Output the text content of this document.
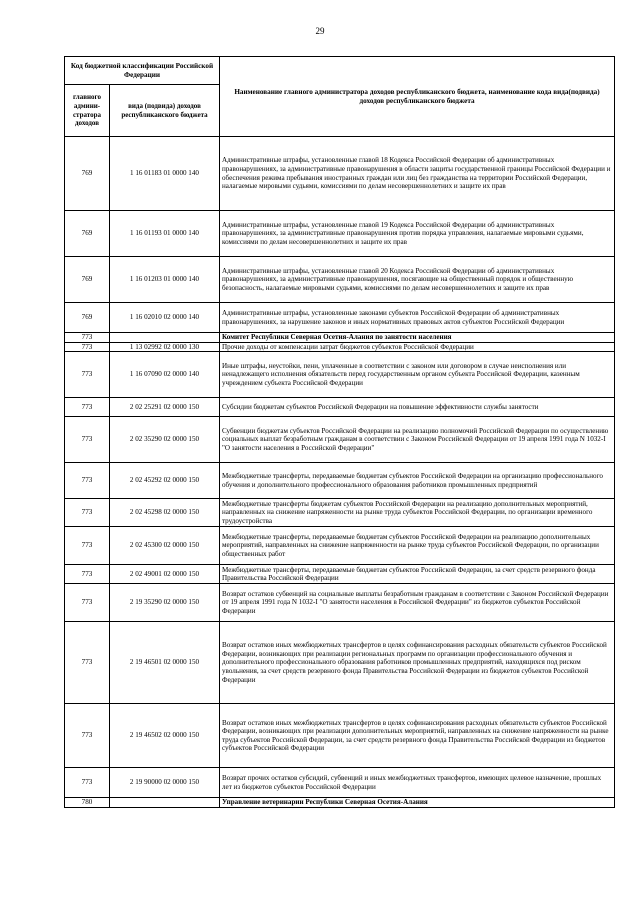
29
Код бюджетной классификации Российской Федерации		Наименование главного администратора доходов республиканского бюджета, наименование кода вида(подвида) доходов республиканского бюджета
главного админи-стратора доходов	вида (подвида) доходов республиканского бюджета	
769	1 16 01183 01 0000 140	Административные штрафы, установленные главой 18 Кодекса Российской Федерации об административных правонарушениях, за административные правонарушения в области защиты государственной границы Российской Федерации и обеспечения режима пребывания иностранных граждан или лиц без гражданства на территории Российской Федерации, налагаемые мировыми судьями, комиссиями по делам несовершеннолетних и защите их прав
769	1 16 01193 01 0000 140	Административные штрафы, установленные главой 19 Кодекса Российской Федерации об административных правонарушениях, за административные правонарушения против порядка управления, налагаемые мировыми судьями, комиссиями по делам несовершеннолетних и защите их прав
769	1 16 01203 01 0000 140	Административные штрафы, установленные главой 20 Кодекса Российской Федерации об административных правонарушениях, за административные правонарушения, посягающие на общественный порядок и общественную безопасность, налагаемые мировыми судьями, комиссиями по делам несовершеннолетних и защите их прав
769	1 16 02010 02 0000 140	Административные штрафы, установленные законами субъектов Российской Федерации об административных правонарушениях, за нарушение законов и иных нормативных правовых актов субъектов Российской Федерации
773		Комитет Республики Северная Осетия-Алания по занятости населения
773	1 13 02992 02 0000 130	Прочие доходы от компенсации затрат бюджетов субъектов Российской Федерации
773	1 16 07090 02 0000 140	Иные штрафы, неустойки, пени, уплаченные в соответствии с законом или договором в случае неисполнения или ненадлежащего исполнения обязательств перед государственным органом субъекта Российской Федерации, казенным учреждением субъекта Российской Федерации
773	2 02 25291 02 0000 150	Субсидии бюджетам субъектов Российской Федерации на повышение эффективности службы занятости
773	2 02 35290 02 0000 150	Субвенции бюджетам субъектов Российской Федерации на реализацию полномочий Российской Федерации по осуществлению социальных выплат безработным гражданам в соответствии с Законом Российской Федерации от 19 апреля 1991 года N 1032-I "О занятости населения в Российской Федерации"
773	2 02 45292 02 0000 150	Межбюджетные трансферты, передаваемые бюджетам субъектов Российской Федерации на организацию профессионального обучения и дополнительного профессионального образования работников промышленных предприятий
773	2 02 45298 02 0000 150	Межбюджетные трансферты бюджетам субъектов Российской Федерации на реализацию дополнительных мероприятий, направленных на снижение напряженности на рынке труда субъектов Российской Федерации, по организации временного трудоустройства
773	2 02 45300 02 0000 150	Межбюджетные трансферты, передаваемые бюджетам субъектов Российской Федерации на реализацию дополнительных мероприятий, направленных на снижение напряженности на рынке труда субъектов Российской Федерации, по организации общественных работ
773	2 02 49001 02 0000 150	Межбюджетные трансферты, передаваемые бюджетам субъектов Российской Федерации, за счет средств резервного фонда Правительства Российской Федерации
773	2 19 35290 02 0000 150	Возврат остатков субвенций на социальные выплаты безработным гражданам в соответствии с Законом Российской Федерации от 19 апреля 1991 года N 1032-I "О занятости населения в Российской Федерации" из бюджетов субъектов Российской Федерации
773	2 19 46501 02 0000 150	Возврат остатков иных межбюджетных трансфертов в целях софинансирования расходных обязательств субъектов Российской Федерации, возникающих при реализации региональных программ по организации профессионального обучения и дополнительного профессионального образования работников промышленных предприятий, находящихся под риском увольнения, за счет средств резервного фонда Правительства Российской Федерации из бюджетов субъектов Российской Федерации
773	2 19 46502 02 0000 150	Возврат остатков иных межбюджетных трансфертов в целях софинансирования расходных обязательств субъектов Российской Федерации, возникающих при реализации дополнительных мероприятий, направленных на снижение напряженности на рынке труда субъектов Российской Федерации, за счет средств резервного фонда Правительства Российской Федерации из бюджетов субъектов Российской Федерации
773	2 19 90000 02 0000 150	Возврат прочих остатков субсидий, субвенций и иных межбюджетных трансфертов, имеющих целевое назначение, прошлых лет из бюджетов субъектов Российской Федерации
780		Управление ветеринарии Республики Северная Осетия-Алания
